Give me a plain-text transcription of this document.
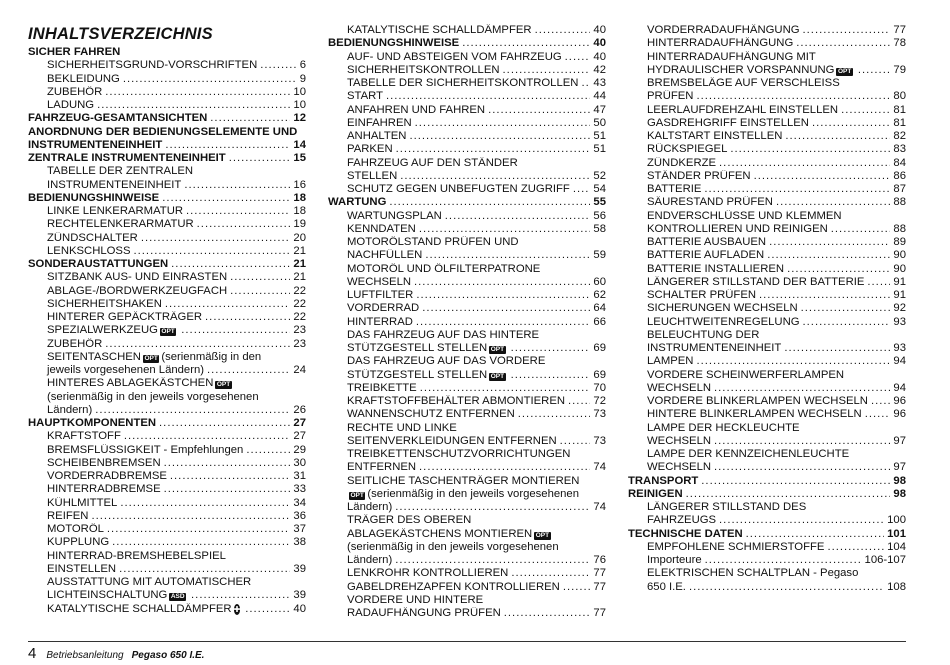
INHALTSVERZEICHNIS
SICHER FAHREN
SICHERHEITSGRUND-VORSCHRIFTEN .....	6
BEKLEIDUNG .....	9
ZUBEHÖR .....	10
LADUNG .....	10
FAHRZEUG-GESAMTANSICHTEN .....	12
ANORDNUNG DER BEDIENUNGSELEMENTE UND
INSTRUMENTENEINHEIT .....	14
ZENTRALE INSTRUMENTENEINHEIT .....	15
TABELLE DER ZENTRALEN
INSTRUMENTENEINHEIT .....	16
BEDIENUNGSHINWEISE .....	18
LINKE LENKERARMATUR .....	18
RECHTELENKERARMATUR .....	19
ZÜNDSCHALTER .....	20
LENKSCHLOSS .....	21
SONDERAUSTATTUNGEN .....	21
SITZBANK AUS- UND EINRASTEN .....	21
ABLAGE-/BORDWERKZEUGFACH .....	22
SICHERHEITSHAKEN .....	22
HINTERER GEPÄCKTRÄGER .....	22
SPEZIALWERKZEUG OPT .....	23
ZUBEHÖR .....	23
SEITENTASCHEN OPT (serienmäßig in den
jeweils vorgesehenen Ländern) .....	24
HINTERES ABLAGEKÄSTCHEN OPT
(serienmäßig in den jeweils vorgesehenen
Ländern) .....	26
HAUPTKOMPONENTEN .....	27
KRAFTSTOFF .....	27
BREMSFLÜSSIGKEIT - Empfehlungen .....	29
SCHEIBENBREMSEN .....	30
VORDERRADBREMSE .....	31
HINTERRADBREMSE .....	33
KÜHLMITTEL .....	34
REIFEN .....	36
MOTORÖL .....	37
KUPPLUNG .....	38
HINTERRAD-BREMSHEBELSPIEL
EINSTELLEN .....	39
AUSSTATTUNG MIT AUTOMATISCHER
LICHTEINSCHALTUNG ASD .....	39
KATALYTISCHE SCHALLDÄMPFER ✚ .....	40
KATALYTISCHE SCHALLDÄMPFER .....	40
BEDIENUNGSHINWEISE .....	40
AUF- UND ABSTEIGEN VOM FAHRZEUG .....	40
SICHERHEITSKONTROLLEN .....	42
TABELLE DER SICHERHEITSKONTROLLEN ..... 43
START .....	44
ANFAHREN UND FAHREN .....	47
EINFAHREN .....	50
ANHALTEN .....	51
PARKEN .....	51
FAHRZEUG AUF DEN STÄNDER
STELLEN .....	52
SCHUTZ GEGEN UNBEFUGTEN ZUGRIFF ..... 54
WARTUNG .....	55
WARTUNGSPLAN .....	56
KENNDATEN .....	58
MOTORÖLSTAND PRÜFEN UND
NACHFÜLLEN .....	59
MOTORÖL UND ÖLFILTERPATRONE
WECHSELN .....	60
LUFTFILTER .....	62
VORDERRAD .....	64
HINTERRAD .....	66
DAS FAHRZEUG AUF DAS HINTERE
STÜTZGESTELL STELLEN OPT .....	69
DAS FAHRZEUG AUF DAS VORDERE
STÜTZGESTELL STELLEN OPT .....	69
TREIBKETTE .....	70
KRAFTSTOFFBEHÄLTER ABMONTIEREN .....	72
WANNENSCHUTZ ENTFERNEN .....	73
RECHTE UND LINKE
SEITENVERKLEIDUNGEN ENTFERNEN .....	73
TREIBKETTENSCHUTZVORRICHTUNGEN
ENTFERNEN .....	74
SEITLICHE TASCHENTRÄGER MONTIEREN
OPT (serienmäßig in den jeweils vorgesehenen
Ländern) .....	74
TRÄGER DES OBEREN
ABLAGEKÄSTCHENS MONTIEREN OPT
(serienmäßig in den jeweils vorgesehenen
Ländern) .....	76
LENKROHR KONTROLLIEREN .....	77
GABELDREHZAPFEN KONTROLLIEREN .....	77
VORDERE UND HINTERE
RADAUFHÄNGUNG PRÜFEN .....	77
VORDERRADAUFHÄNGUNG .....	77
HINTERRADAUFHÄNGUNG .....	78
HINTERRADAUFHÄNGUNG MIT
HYDRAULISCHER VORSPANNUNG OPT .....	79
BREMSBELÄGE AUF VERSCHLEISS
PRÜFEN .....	80
LEERLAUFDREHZAHL EINSTELLEN .....	81
GASDREHGRIFF EINSTELLEN .....	81
KALTSTART EINSTELLEN .....	82
RÜCKSPIEGEL .....	83
ZÜNDKERZE .....	84
STÄNDER PRÜFEN .....	86
BATTERIE .....	87
SÄURESTAND PRÜFEN .....	88
ENDVERSCHLÜSSE UND KLEMMEN
KONTROLLIEREN UND REINIGEN .....	88
BATTERIE AUSBAUEN .....	89
BATTERIE AUFLADEN .....	90
BATTERIE INSTALLIEREN .....	90
LÄNGERER STILLSTAND DER BATTERIE .....	91
SCHALTER PRÜFEN .....	91
SICHERUNGEN WECHSELN .....	92
LEUCHTWEITENREGELUNG .....	93
BELEUCHTUNG DER
INSTRUMENTENEINHEIT .....	93
LAMPEN .....	94
VORDERE SCHEINWERFERLAMPEN
WECHSELN .....	94
VORDERE BLINKERLAMPEN WECHSELN ..... 96
HINTERE BLINKERLAMPEN WECHSELN .....	96
LAMPE DER HECKLEUCHTE
WECHSELN .....	97
LAMPE DER KENNZEICHENLEUCHTE
WECHSELN .....	97
TRANSPORT .....	98
REINIGEN .....	98
LÄNGERER STILLSTAND DES
FAHRZEUGS .....	100
TECHNISCHE DATEN .....	101
EMPFOHLENE SCHMIERSTOFFE .....	104
Importeure .....	106-107
ELEKTRISCHEN SCHALTPLAN - Pegaso
650 I.E. .....	108
4 Betriebsanleitung Pegaso 650 I.E.
